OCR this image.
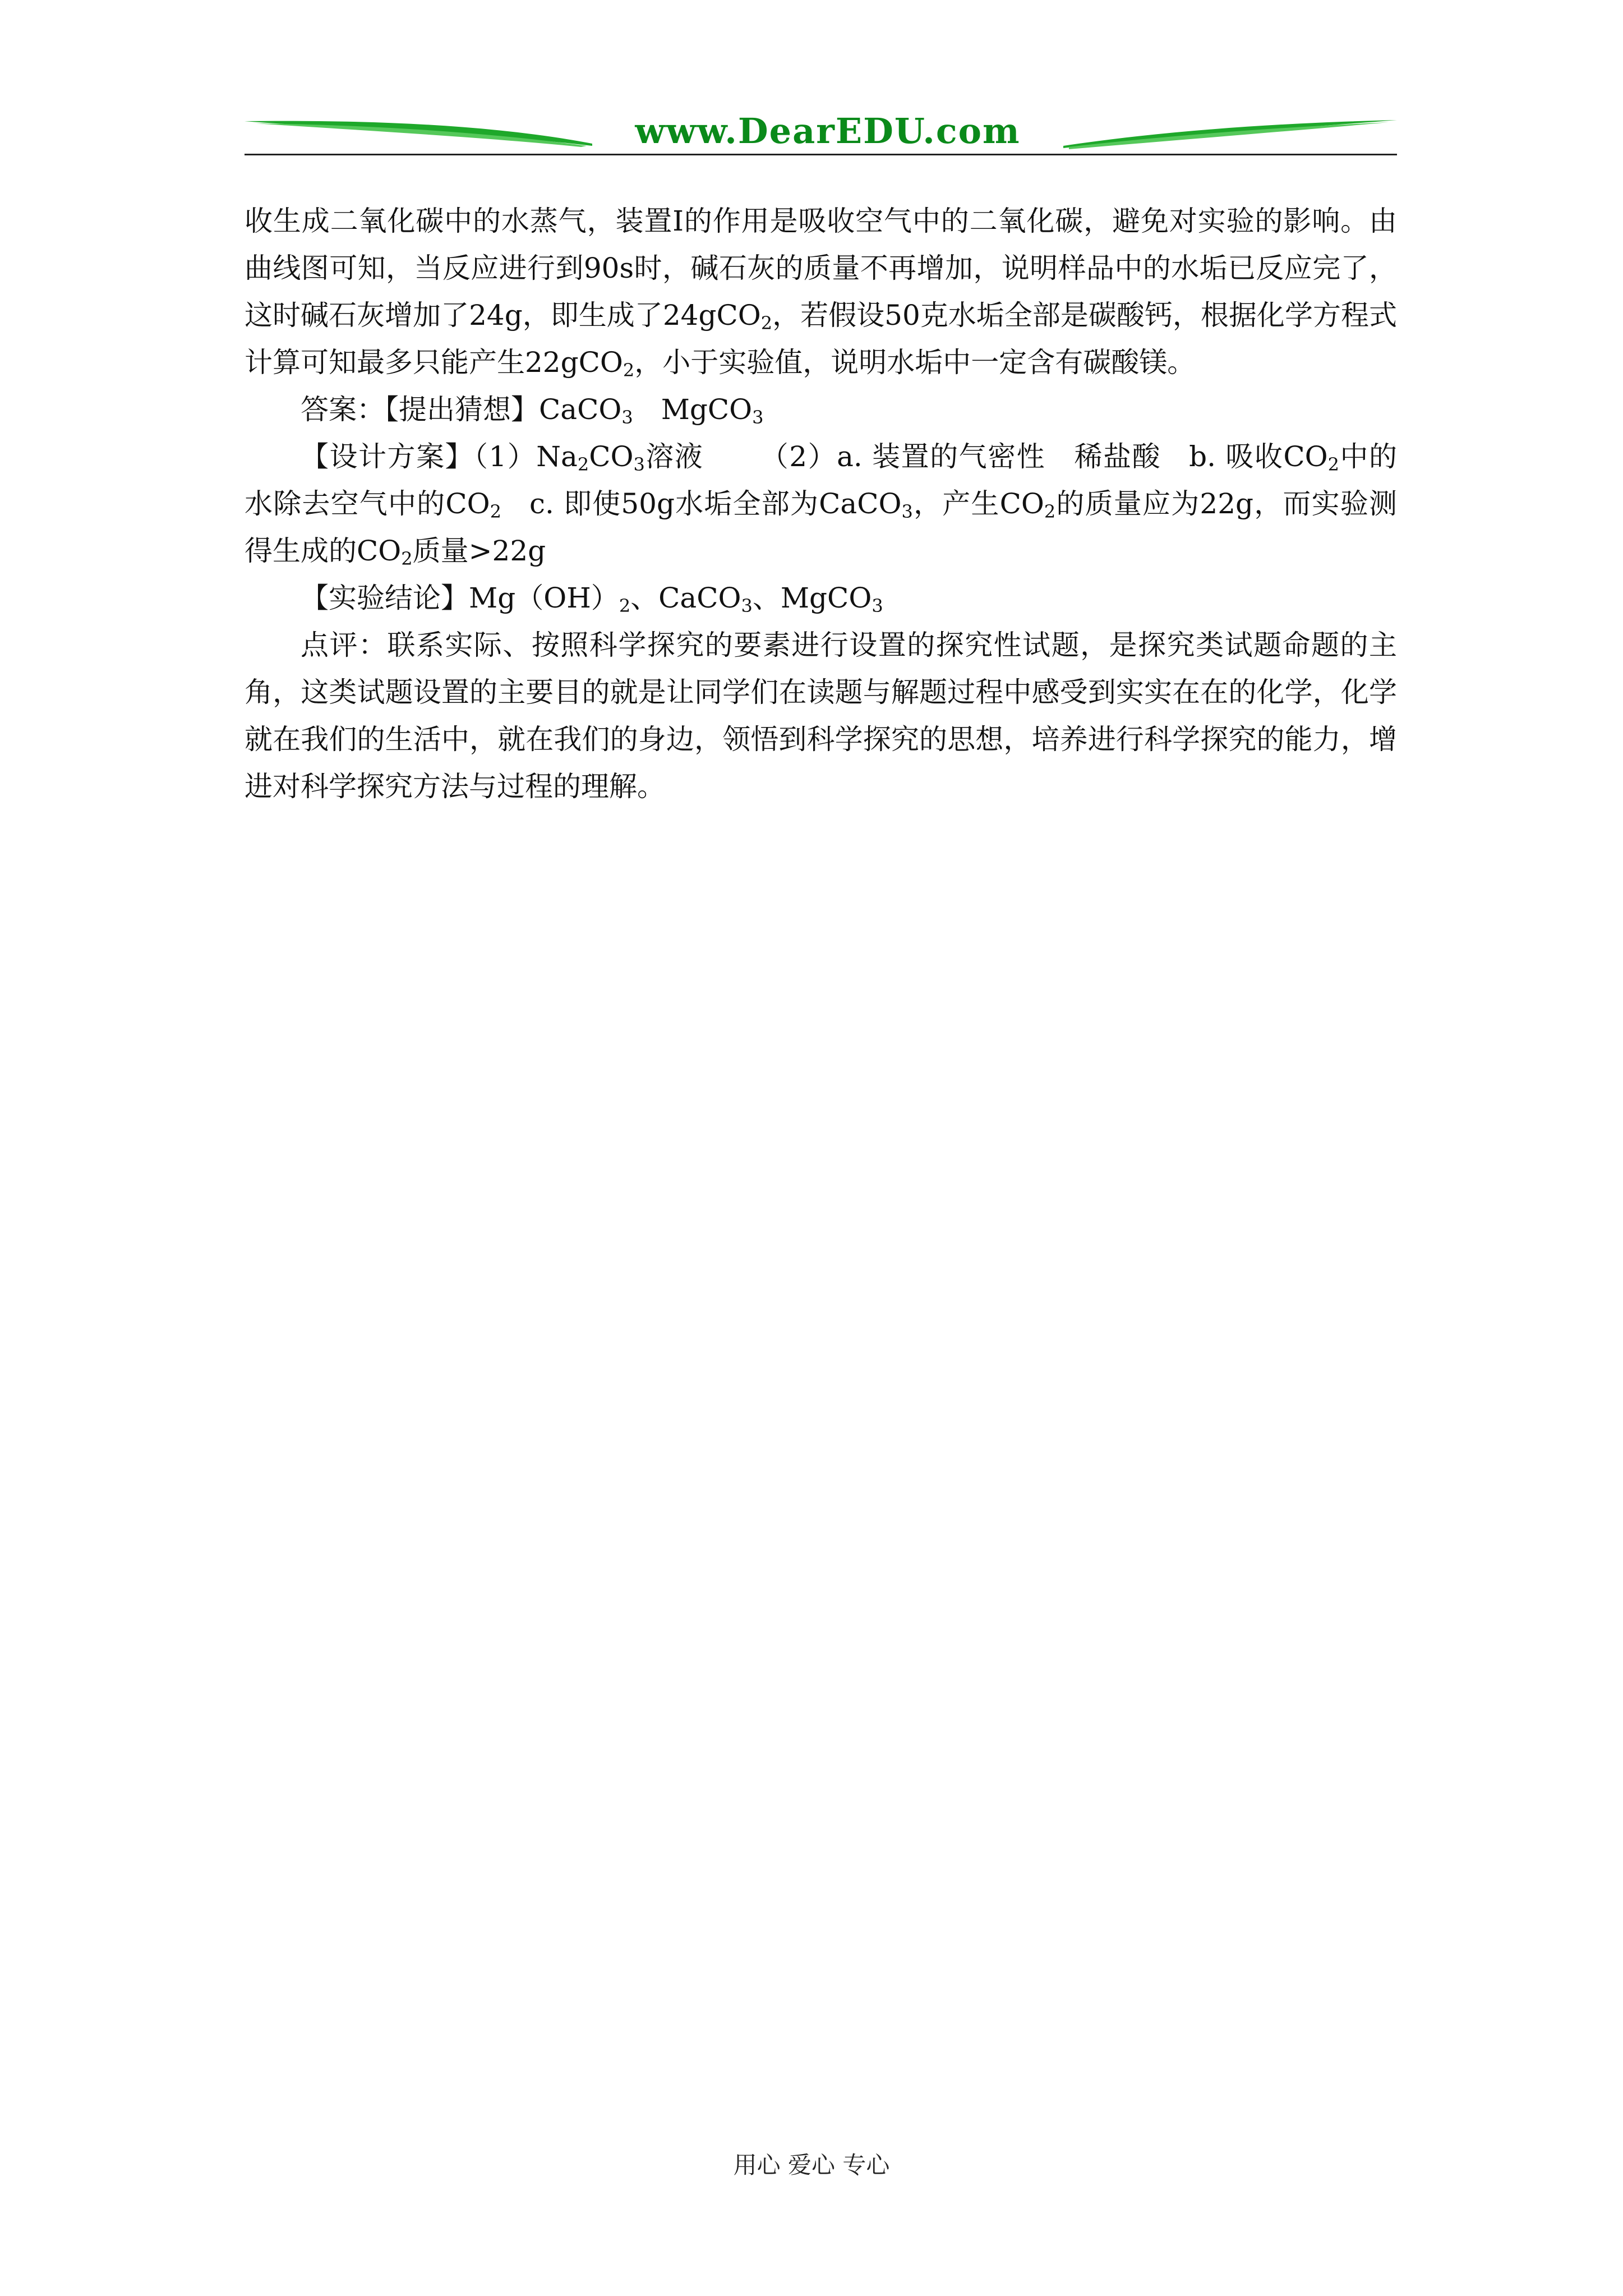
www.DearEDU.com

收生成二氧化碳中的水蒸气，装置I的作用是吸收空气中的二氧化碳，避免对实验的影响。由曲线图可知，当反应进行到90s时，碱石灰的质量不再增加，说明样品中的水垢已反应完了，这时碱石灰增加了24g，即生成了24gCO$_2$，若假设50克水垢全部是碳酸钙，根据化学方程式计算可知最多只能产生22gCO$_2$，小于实验值，说明水垢中一定含有碳酸镁。

答案：【提出猜想】CaCO$_3$ MgCO$_3$

【设计方案】$(1)Na_2CO_3$溶液 （2）a. 装置的气密性 稀盐酸 b. 吸收$CO_2$中的水除去空气中的$CO_2$ c. 即使50g水垢全部为CaCO$_3$，产生$CO_2$的质量应为22g，而实验测得生成的$CO_2$质量>22g

【实验结论】$Mg(OH)_2$、CaCO$_3$、MgCO$_3$

点评：联系实际、按照科学探究的要素进行设置的探究性试题，是探究类试题命题的主角，这类试题设置的主要目的就是让同学们在读题与解题过程中感受到实实在在的化学，化学就在我们的生活中，就在我们的身边，领悟到科学探究的思想，培养进行科学探究的能力，增进对科学探究方法与过程的理解。

用心 爱心 专心
